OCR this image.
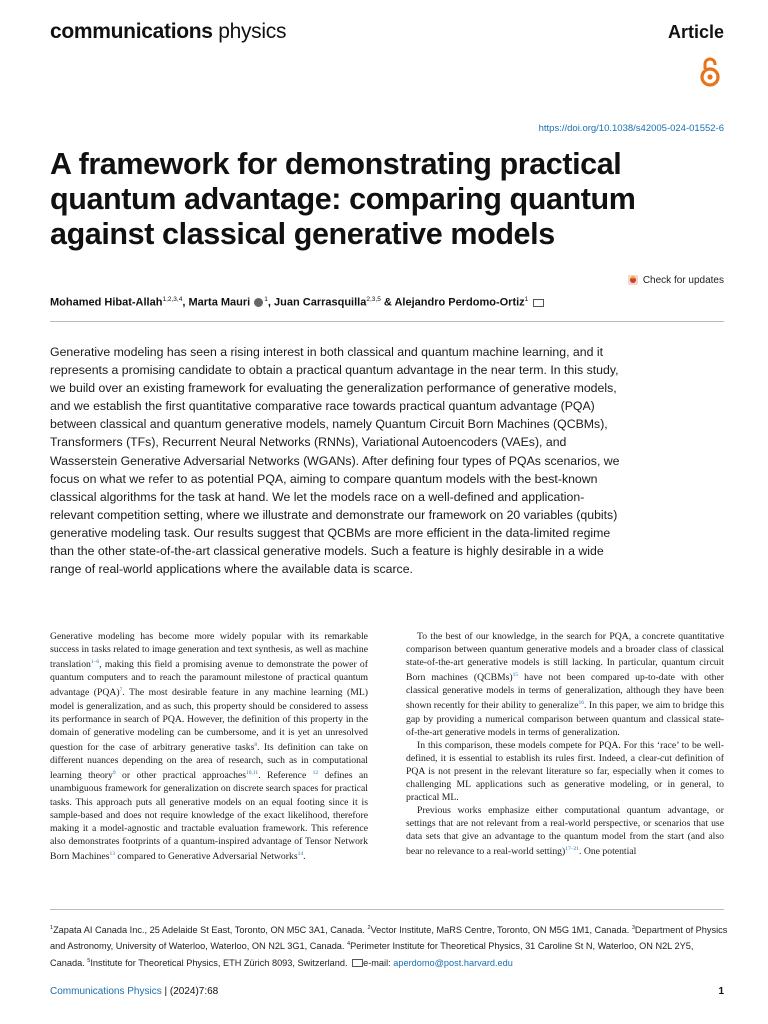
communications physics	Article
https://doi.org/10.1038/s42005-024-01552-6
A framework for demonstrating practical quantum advantage: comparing quantum against classical generative models
Check for updates
Mohamed Hibat-Allah$^{1,2,3,4}$, Marta Mauri $^1$, Juan Carrasquilla$^{2,3,5}$ & Alejandro Perdomo-Ortiz$^1$
Generative modeling has seen a rising interest in both classical and quantum machine learning, and it represents a promising candidate to obtain a practical quantum advantage in the near term. In this study, we build over an existing framework for evaluating the generalization performance of generative models, and we establish the first quantitative comparative race towards practical quantum advantage (PQA) between classical and quantum generative models, namely Quantum Circuit Born Machines (QCBMs), Transformers (TFs), Recurrent Neural Networks (RNNs), Variational Autoencoders (VAEs), and Wasserstein Generative Adversarial Networks (WGANs). After defining four types of PQAs scenarios, we focus on what we refer to as potential PQA, aiming to compare quantum models with the best-known classical algorithms for the task at hand. We let the models race on a well-defined and application-relevant competition setting, where we illustrate and demonstrate our framework on 20 variables (qubits) generative modeling task. Our results suggest that QCBMs are more efficient in the data-limited regime than the other state-of-the-art classical generative models. Such a feature is highly desirable in a wide range of real-world applications where the available data is scarce.

Generative modeling has become more widely popular with its remarkable success in tasks related to image generation and text synthesis, as well as machine translation$^{1-6}$, making this field a promising avenue to demonstrate the power of quantum computers and to reach the paramount milestone of practical quantum advantage (PQA)$^7$. The most desirable feature in any machine learning (ML) model is generalization, and as such, this property should be considered to assess its performance in search of PQA. However, the definition of this property in the domain of generative modeling can be cumbersome, and it is yet an unresolved question for the case of arbitrary generative tasks$^8$. Its definition can take on different nuances depending on the area of research, such as in computational learning theory$^9$ or other practical approaches$^{10,11}$. Reference $^{12}$ defines an unambiguous framework for generalization on discrete search spaces for practical tasks. This approach puts all generative models on an equal footing since it is sample-based and does not require knowledge of the exact likelihood, therefore making it a model-agnostic and tractable evaluation framework. This reference also demonstrates footprints of a quantum-inspired advantage of Tensor Network Born Machines$^{13}$ compared to Generative Adversarial Networks$^{14}$.

To the best of our knowledge, in the search for PQA, a concrete quantitative comparison between quantum generative models and a broader class of classical state-of-the-art generative models is still lacking. In particular, quantum circuit Born machines (QCBMs)$^{15}$ have not been compared up-to-date with other classical generative models in terms of generalization, although they have been shown recently for their ability to generalize$^{16}$. In this paper, we aim to bridge this gap by providing a numerical comparison between quantum and classical state-of-the-art generative models in terms of generalization.

In this comparison, these models compete for PQA. For this ‘race’ to be well-defined, it is essential to establish its rules first. Indeed, a clear-cut definition of PQA is not present in the relevant literature so far, especially when it comes to challenging ML applications such as generative modeling, or in general, to practical ML.

Previous works emphasize either computational quantum advantage, or settings that are not relevant from a real-world perspective, or scenarios that use data sets that give an advantage to the quantum model from the start (and also bear no relevance to a real-world setting)$^{17-21}$. One potential

$^1$Zapata AI Canada Inc., 25 Adelaide St East, Toronto, ON M5C 3A1, Canada. $^2$Vector Institute, MaRS Centre, Toronto, ON M5G 1M1, Canada. $^3$Department of Physics and Astronomy, University of Waterloo, Waterloo, ON N2L 3G1, Canada. $^4$Perimeter Institute for Theoretical Physics, 31 Caroline St N, Waterloo, ON N2L 2Y5, Canada. $^5$Institute for Theoretical Physics, ETH Zürich 8093, Switzerland. e-mail: aperdomo@post.harvard.edu
Communications Physics | (2024)7:68	1
